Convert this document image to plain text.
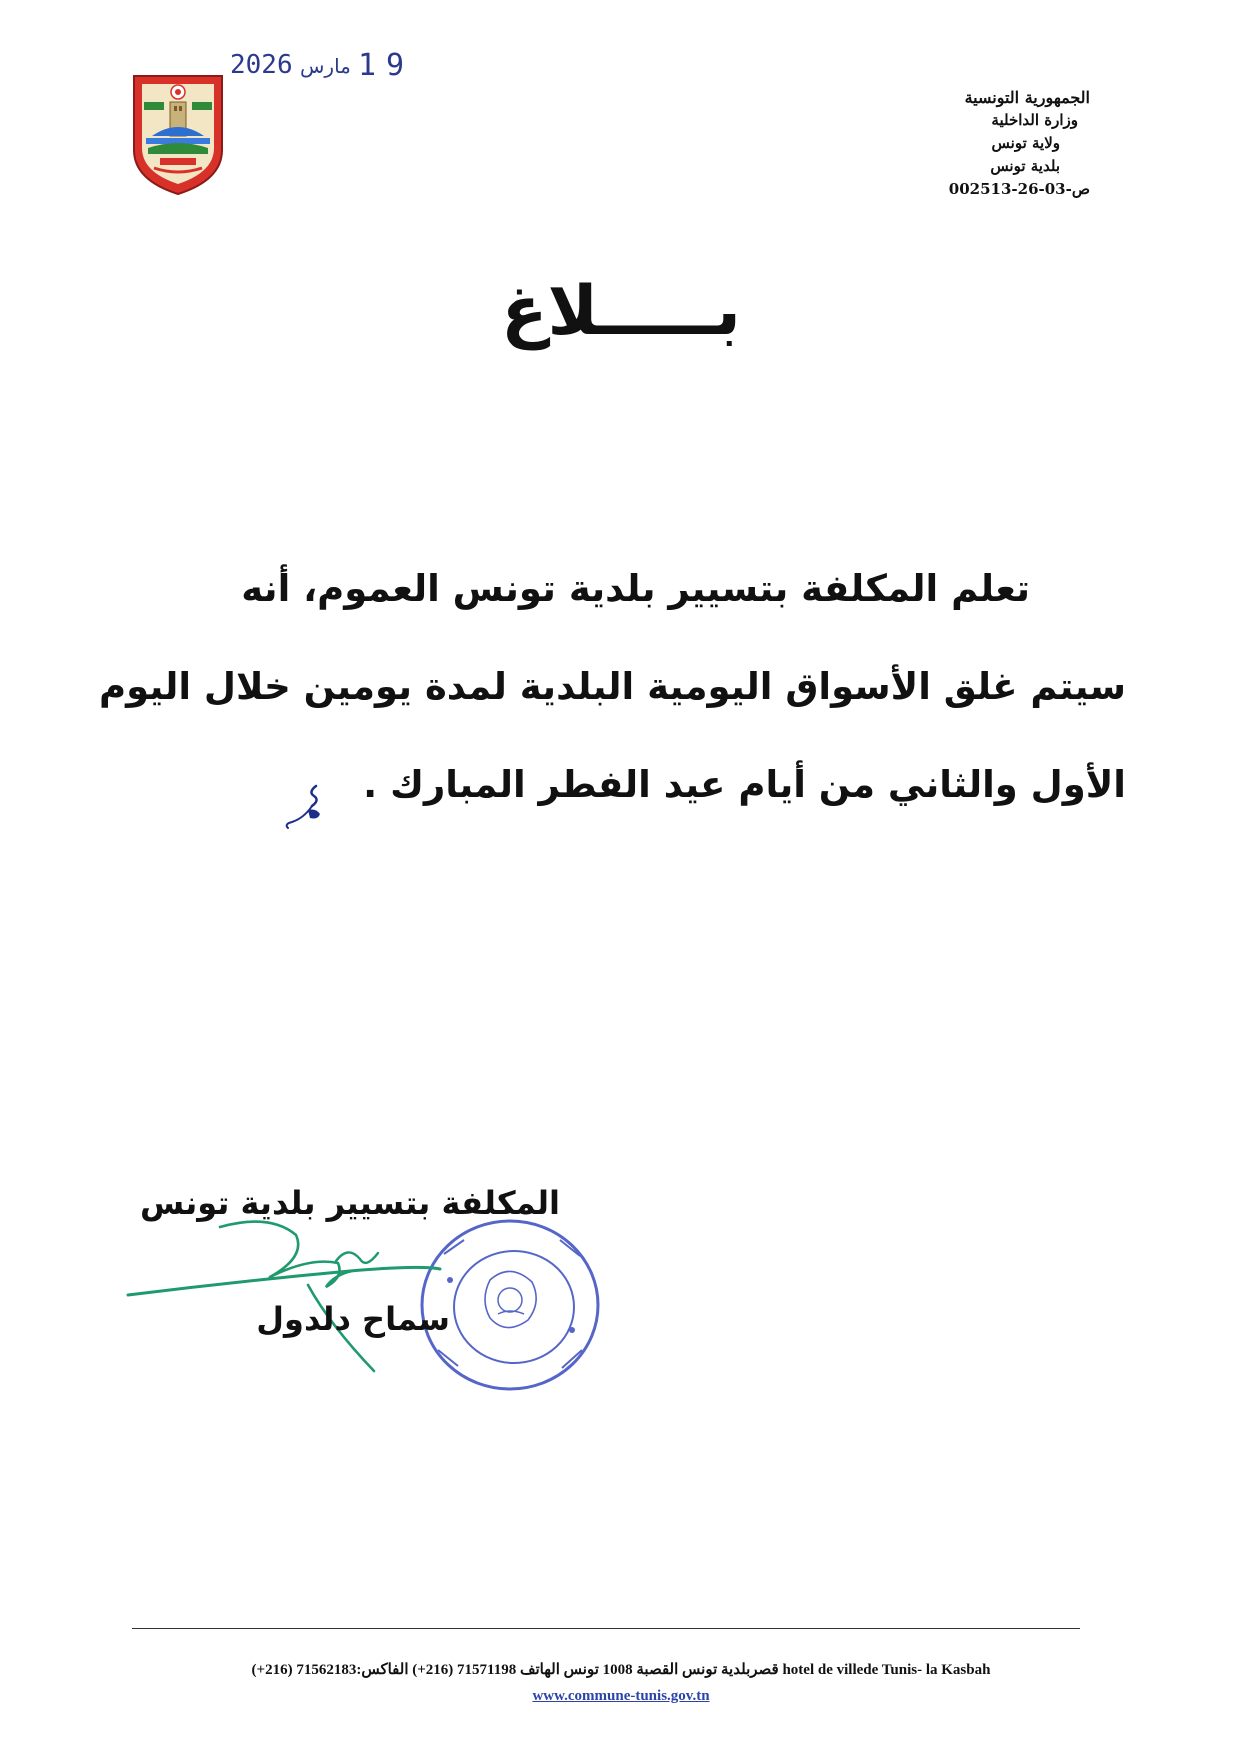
2026 مارس 19
الجمهورية التونسية
وزارة الداخلية
ولاية تونس
بلدية تونس
ص-03-26-002513
بـــــلاغ
تعلم المكلفة بتسيير بلدية تونس العموم، أنه
سيتم غلق الأسواق اليومية البلدية لمدة يومين خلال اليوم
الأول والثاني من أيام عيد الفطر المبارك .
المكلفة بتسيير بلدية تونس
سماح دلدول
قصربلدية تونس القصبة 1008 تونس الهاتف 71571198 (216+) الفاكس:71562183 (216+) hotel de villede Tunis- la Kasbah
www.commune-tunis.gov.tn
